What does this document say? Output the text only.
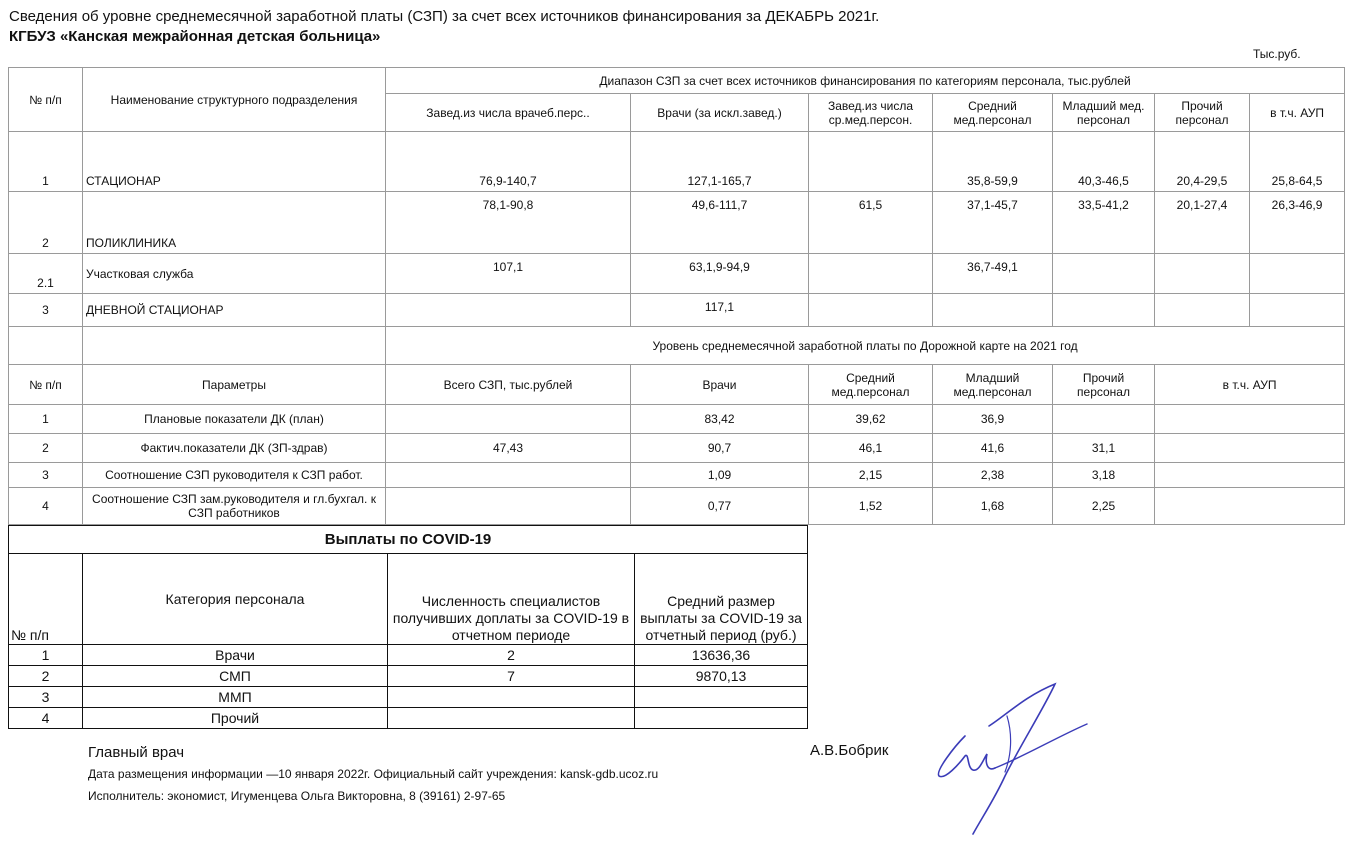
Сведения об уровне среднемесячной заработной платы (СЗП) за счет всех источников финансирования за ДЕКАБРЬ 2021г.
КГБУЗ «Канская межрайонная детская больница»
Тыс.руб.
№ п/п	Наименование структурного подразделения	Диапазон СЗП за счет всех источников финансирования по категориям персонала, тыс.рублей						
		Завед.из числа врачеб.перс..	Врачи (за искл.завед.)	Завед.из числа ср.мед.персон.	Средний мед.персонал	Младший мед. персонал	Прочий персонал	в т.ч. АУП
1	СТАЦИОНАР	76,9-140,7	127,1-165,7		35,8-59,9	40,3-46,5	20,4-29,5	25,8-64,5
2	ПОЛИКЛИНИКА	78,1-90,8	49,6-111,7	61,5	37,1-45,7	33,5-41,2	20,1-27,4	26,3-46,9
2.1	Участковая служба	107,1	63,1,9-94,9		36,7-49,1			
3	ДНЕВНОЙ СТАЦИОНАР		117,1					
		Уровень среднемесячной заработной платы по Дорожной карте на 2021 год						
№ п/п	Параметры	Всего СЗП, тыс.рублей	Врачи	Средний мед.персонал	Младший мед.персонал	Прочий персонал	в т.ч. АУП	
1	Плановые показатели ДК (план)		83,42	39,62	36,9			
2	Фактич.показатели ДК (ЗП-здрав)	47,43	90,7	46,1	41,6	31,1		
3	Соотношение СЗП руководителя к СЗП работ.		1,09	2,15	2,38	3,18		
4	Соотношение СЗП зам.руководителя и гл.бухгал. к СЗП работников		0,77	1,52	1,68	2,25		
Выплаты по COVID-19			
№ п/п	Категория персонала	Численность специалистов получивших доплаты за COVID-19 в отчетном периоде	Средний размер выплаты за COVID-19 за отчетный период (руб.)
1	Врачи	2	13636,36
2	СМП	7	9870,13
3	ММП		
4	Прочий		
Главный врач	А.В.Бобрик
Дата размещения информации —10 января 2022г. Официальный сайт учреждения: kansk-gdb.ucoz.ru
Исполнитель: экономист, Игуменцева Ольга Викторовна, 8 (39161) 2-97-65
